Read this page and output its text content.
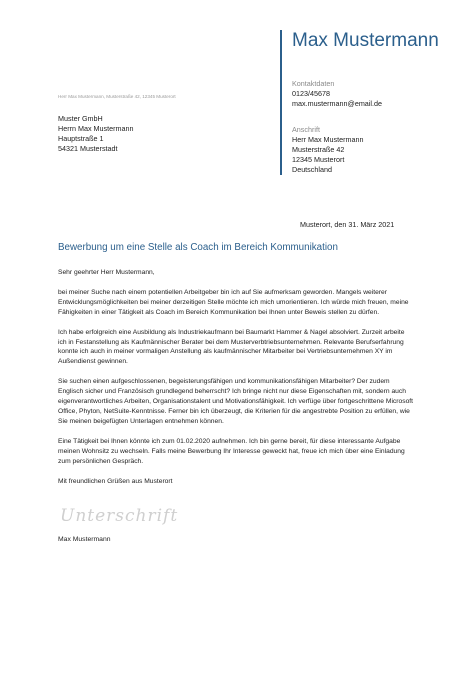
Max Mustermann
Kontaktdaten
0123/45678
max.mustermann@email.de
Anschrift
Herr Max Mustermann
Musterstraße 42
12345 Musterort
Deutschland
Herr Max Mustermann, Musterstraße 42, 12345 Musterort
Muster GmbH
Herrn Max Mustermann
Hauptstraße 1
54321 Musterstadt
Musterort, den 31. März 2021
Bewerbung um eine Stelle als Coach im Bereich Kommunikation

Sehr geehrter Herr Mustermann,

bei meiner Suche nach einem potentiellen Arbeitgeber bin ich auf Sie aufmerksam geworden. Mangels weiterer Entwicklungsmöglichkeiten bei meiner derzeitigen Stelle möchte ich mich umorientieren. Ich würde mich freuen, meine Fähigkeiten in einer Tätigkeit als Coach im Bereich Kommunikation bei Ihnen unter Beweis stellen zu dürfen.

Ich habe erfolgreich eine Ausbildung als Industriekaufmann bei Baumarkt Hammer & Nagel absolviert. Zurzeit arbeite ich in Festanstellung als Kaufmännischer Berater bei dem Musterverbtriebsunternehmen. Relevante Berufserfahrung konnte ich auch in meiner vormaligen Anstellung als kaufmännischer Mitarbeiter bei Vertriebsunternehmen XY im Außendienst gewinnen.

Sie suchen einen aufgeschlossenen, begeisterungsfähigen und kommunikationsfähigen Mitarbeiter? Der zudem Englisch sicher und Französisch grundlegend beherrscht? Ich bringe nicht nur diese Eigenschaften mit, sondern auch eigenverantwortliches Arbeiten, Organisationstalent und Motivationsfähigkeit. Ich verfüge über fortgeschrittene Microsoft Office, Phyton, NetSuite-Kenntnisse. Ferner bin ich überzeugt, die Kriterien für die angestrebte Position zu erfüllen, wie Sie meinen beigefügten Unterlagen entnehmen können.

Eine Tätigkeit bei Ihnen könnte ich zum 01.02.2020 aufnehmen. Ich bin gerne bereit, für diese interessante Aufgabe meinen Wohnsitz zu wechseln. Falls meine Bewerbung Ihr Interesse geweckt hat, freue ich mich über eine Einladung zum persönlichen Gespräch.

Mit freundlichen Grüßen aus Musterort

Unterschrift
Max Mustermann
